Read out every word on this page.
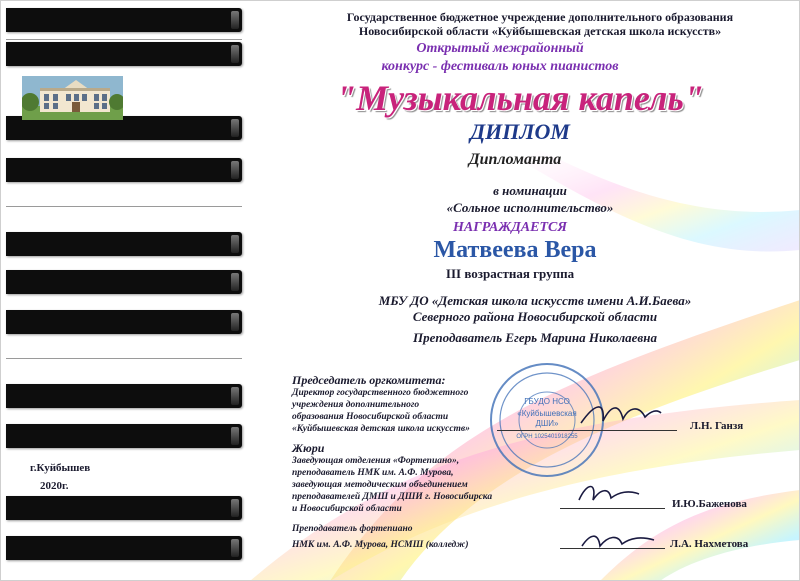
Государственное бюджетное учреждение дополнительного образования
Новосибирской области «Куйбышевская детская школа искусств»
Открытый межрайонный
конкурс - фестиваль юных пианистов
"Музыкальная капель"
ДИПЛОМ
Дипломанта
в номинации
«Сольное исполнительство»
НАГРАЖДАЕТСЯ
Матвеева Вера
III возрастная группа
МБУ ДО «Детская школа искусств имени А.И.Баева»
Северного района Новосибирской области
Преподаватель Егерь Марина Николаевна
ГБУДО НСО
«Куйбышевская
ДШИ»
ОГРН 1025401918255
Председатель оргкомитета:
Директор государственного бюджетного
учреждения дополнительного
образования Новосибирской области
«Куйбышевская детская школа искусств»	Л.Н. Ганзя
Жюри
Заведующая отделения «Фортепиано»,
преподаватель НМК им. А.Ф. Мурова,
заведующая методическим объединением
преподавателей ДМШ и ДШИ г. Новосибирска
и Новосибирской области	И.Ю.Баженова
Преподаватель фортепиано
НМК им. А.Ф. Мурова, НСМШ (колледж)	Л.А. Нахметова
г.Куйбышев
2020г.
